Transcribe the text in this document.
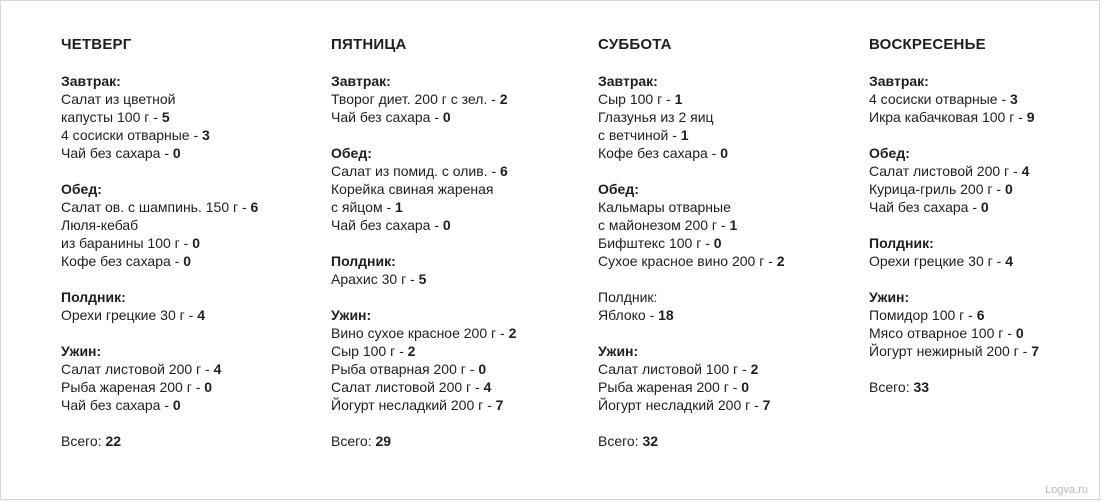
ЧЕТВЕРГ
Завтрак:
Салат из цветной
капусты 100 г - 5
4 сосиски отварные - 3
Чай без сахара - 0
Обед:
Салат ов. с шампинь. 150 г - 6
Люля-кебаб
из баранины 100 г - 0
Кофе без сахара - 0
Полдник:
Орехи грецкие 30 г - 4
Ужин:
Салат листовой 200 г - 4
Рыба жареная 200 г - 0
Чай без сахара - 0
Всего: 22
ПЯТНИЦА
Завтрак:
Творог диет. 200 г с зел. - 2
Чай без сахара - 0
Обед:
Салат из помид. с олив. - 6
Корейка свиная жареная
с яйцом - 1
Чай без сахара - 0
Полдник:
Арахис 30 г - 5
Ужин:
Вино сухое красное 200 г - 2
Сыр 100 г - 2
Рыба отварная 200 г - 0
Салат листовой 200 г - 4
Йогурт несладкий 200 г - 7
Всего: 29
СУББОТА
Завтрак:
Сыр 100 г - 1
Глазунья из 2 яиц
с ветчиной - 1
Кофе без сахара - 0
Обед:
Кальмары отварные
с майонезом 200 г - 1
Бифштекс 100 г - 0
Сухое красное вино 200 г - 2
Полдник:
Яблоко - 18
Ужин:
Салат листовой 100 г - 2
Рыба жареная 200 г - 0
Йогурт несладкий 200 г - 7
Всего: 32
ВОСКРЕСЕНЬЕ
Завтрак:
4 сосиски отварные - 3
Икра кабачковая 100 г - 9
Обед:
Салат листовой 200 г - 4
Курица-гриль 200 г - 0
Чай без сахара - 0
Полдник:
Орехи грецкие 30 г - 4
Ужин:
Помидор 100 г - 6
Мясо отварное 100 г - 0
Йогурт нежирный 200 г - 7
Всего: 33
Logva.ru
